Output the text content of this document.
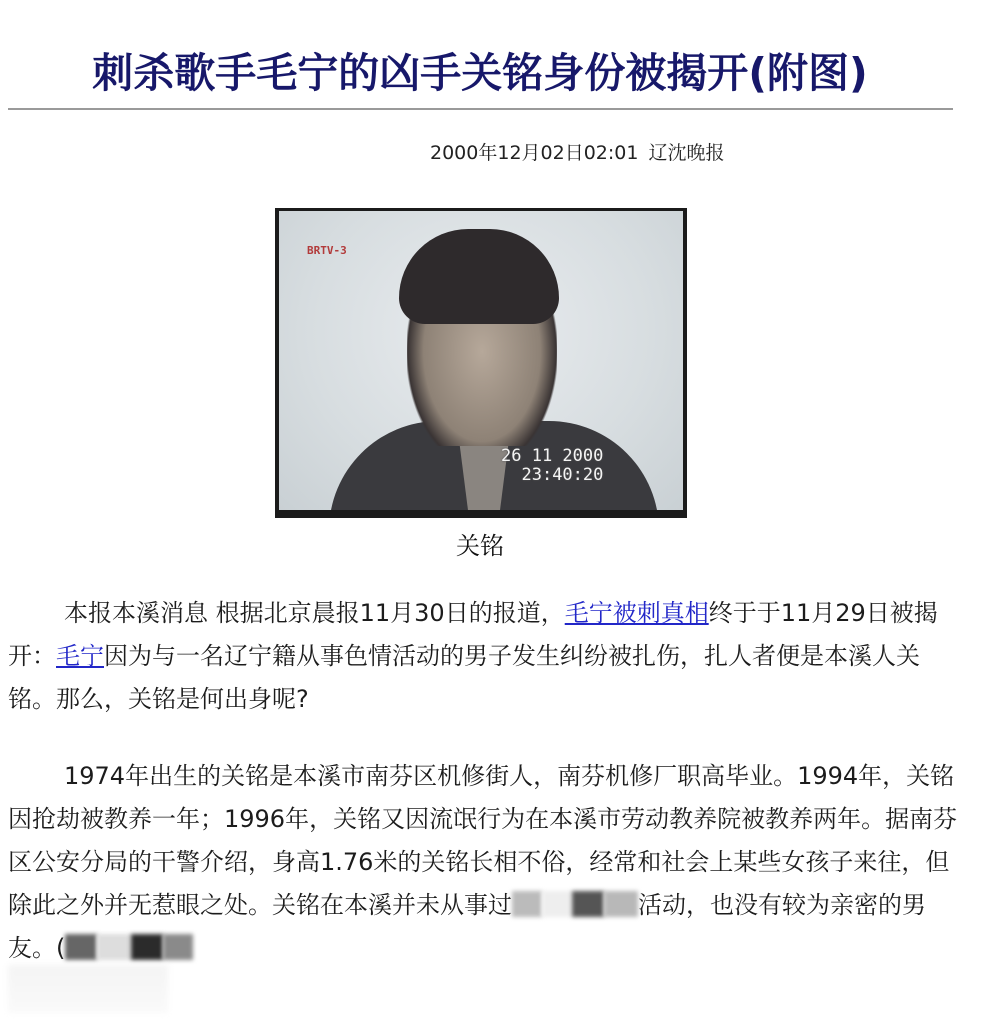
刺杀歌手毛宁的凶手关铭身份被揭开(附图)
2000年12月02日02:01 辽沈晚报
BRTV-3
26 11 2000
23:40:20
关铭

本报本溪消息 根据北京晨报11月30日的报道，毛宁被刺真相终于于11月29日被揭开：毛宁因为与一名辽宁籍从事色情活动的男子发生纠纷被扎伤，扎人者便是本溪人关铭。那么，关铭是何出身呢?

1974年出生的关铭是本溪市南芬区机修街人，南芬机修厂职高毕业。1994年，关铭因抢劫被教养一年；1996年，关铭又因流氓行为在本溪市劳动教养院被教养两年。据南芬区公安分局的干警介绍，身高1.76米的关铭长相不俗，经常和社会上某些女孩子来往，但除此之外并无惹眼之处。关铭在本溪并未从事过	活动，也没有较为亲密的男友。(
